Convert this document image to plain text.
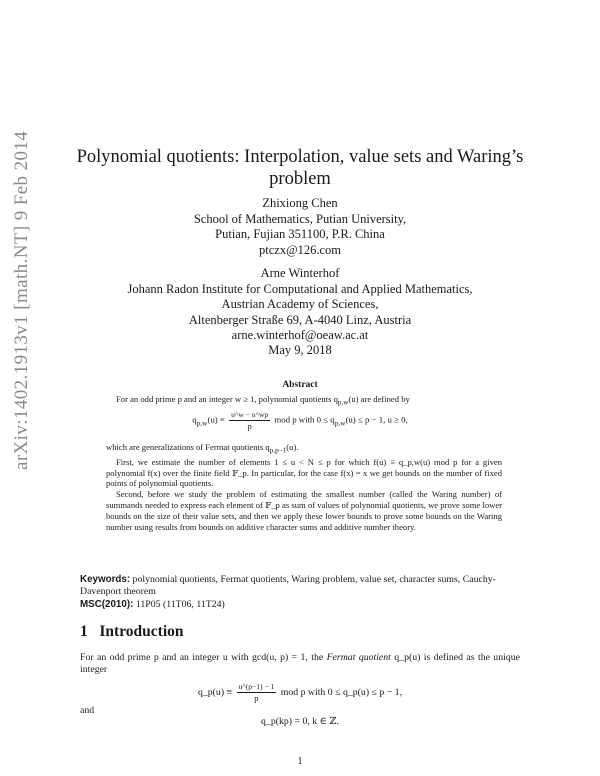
arXiv:1402.1913v1 [math.NT] 9 Feb 2014	Polynomial quotients: Interpolation, value sets and Waring’s
problem
Zhixiong Chen
School of Mathematics, Putian University,
Putian, Fujian 351100, P.R. China
ptczx@126.com
Arne Winterhof
Johann Radon Institute for Computational and Applied Mathematics,
Austrian Academy of Sciences,
Altenberger Straße 69, A-4040 Linz, Austria
arne.winterhof@oeaw.ac.at
May 9, 2018
Abstract

For an odd prime p and an integer w ≥ 1, polynomial quotients $q_{p,w}(u)$ are defined by

$q_{p,w}(u) \equiv \frac{u\^{}w - u\^{}wp}{p}$ mod p with $0 \le q_{p,w}(u) \le p - 1$, u ≥ 0,

which are generalizations of Fermat quotients $q_{p,p-1}(u)$.

First, we estimate the number of elements 1 ≤ u < N ≤ p for which f(u) ≡ q_p,w(u) mod p for a given polynomial f(x) over the finite field 𝔽_p. In particular, for the case f(x) = x we get bounds on the number of fixed points of polynomial quotients.

Second, before we study the problem of estimating the smallest number (called the Waring number) of summands needed to express each element of 𝔽_p as sum of values of polynomial quotients, we prove some lower bounds on the size of their value sets, and then we apply these lower bounds to prove some bounds on the Waring number using results from bounds on additive character sums and additive number theory.

Keywords: polynomial quotients, Fermat quotients, Waring problem, value set, character sums, Cauchy-Davenport theorem
MSC(2010): 11P05 (11T06, 11T24)
1 Introduction
For an odd prime p and an integer u with gcd(u, p) = 1, the Fermat quotient q_p(u) is defined as the unique integer
q_p(u) ≡ $\frac{u\^{}(p-1) - 1}{p}$ mod p with 0 ≤ q_p(u) ≤ p − 1,
and
q_p(kp) = 0, k ∈ ℤ.
1
